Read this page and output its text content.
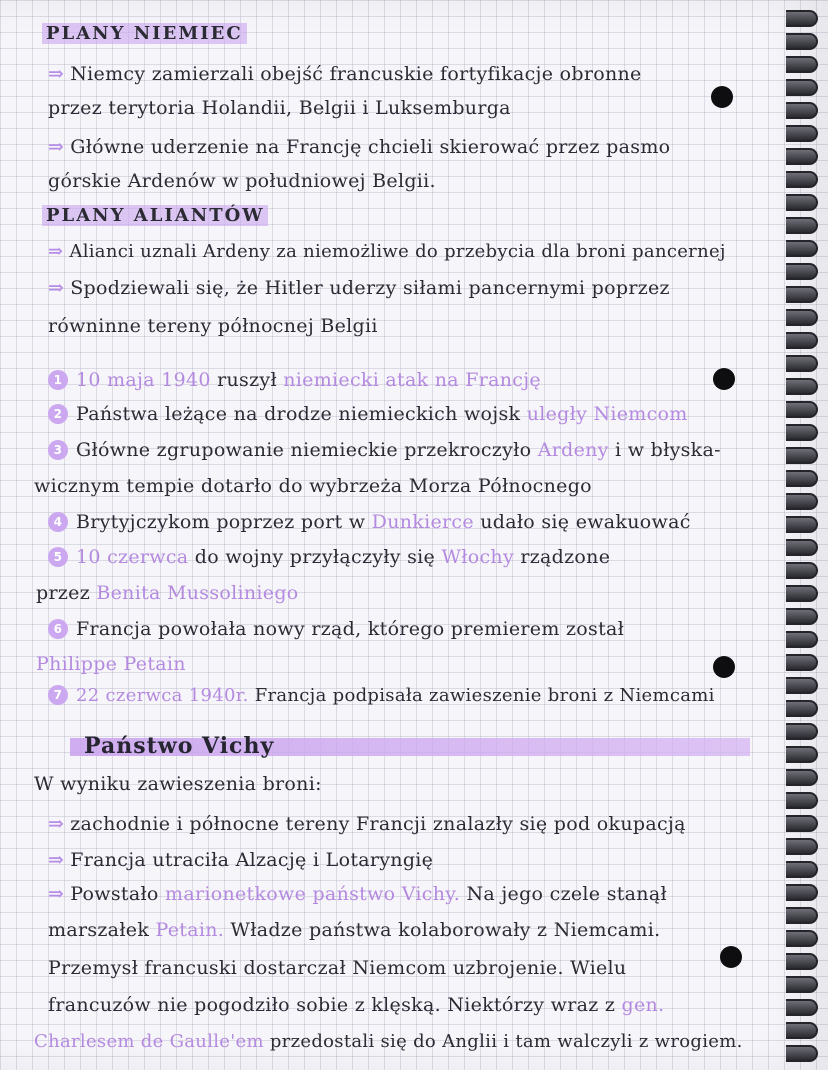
PLANY NIEMIEC
⇒ Niemcy zamierzali obejść francuskie fortyfikacje obronne
przez terytoria Holandii, Belgii i Luksemburga
⇒ Główne uderzenie na Francję chcieli skierować przez pasmo
górskie Ardenów w południowej Belgii.
PLANY ALIANTÓW
⇒ Alianci uznali Ardeny za niemożliwe do przebycia dla broni pancernej
⇒ Spodziewali się, że Hitler uderzy siłami pancernymi poprzez
równinne tereny północnej Belgii
1 10 maja 1940 ruszył niemiecki atak na Francję
2 Państwa leżące na drodze niemieckich wojsk uległy Niemcom
3 Główne zgrupowanie niemieckie przekroczyło Ardeny i w błyska-
wicznym tempie dotarło do wybrzeża Morza Północnego
4 Brytyjczykom poprzez port w Dunkierce udało się ewakuować
5 10 czerwca do wojny przyłączyły się Włochy rządzone
przez Benita Mussoliniego
6 Francja powołała nowy rząd, którego premierem został
Philippe Petain
7 22 czerwca 1940r. Francja podpisała zawieszenie broni z Niemcami
Państwo Vichy
W wyniku zawieszenia broni:
⇒ zachodnie i północne tereny Francji znalazły się pod okupacją
⇒ Francja utraciła Alzację i Lotaryngię
⇒ Powstało marionetkowe państwo Vichy. Na jego czele stanął
marszałek Petain. Władze państwa kolaborowały z Niemcami.
Przemysł francuski dostarczał Niemcom uzbrojenie. Wielu
francuzów nie pogodziło sobie z klęską. Niektórzy wraz z gen.
Charlesem de Gaulle'em przedostali się do Anglii i tam walczyli z wrogiem.
